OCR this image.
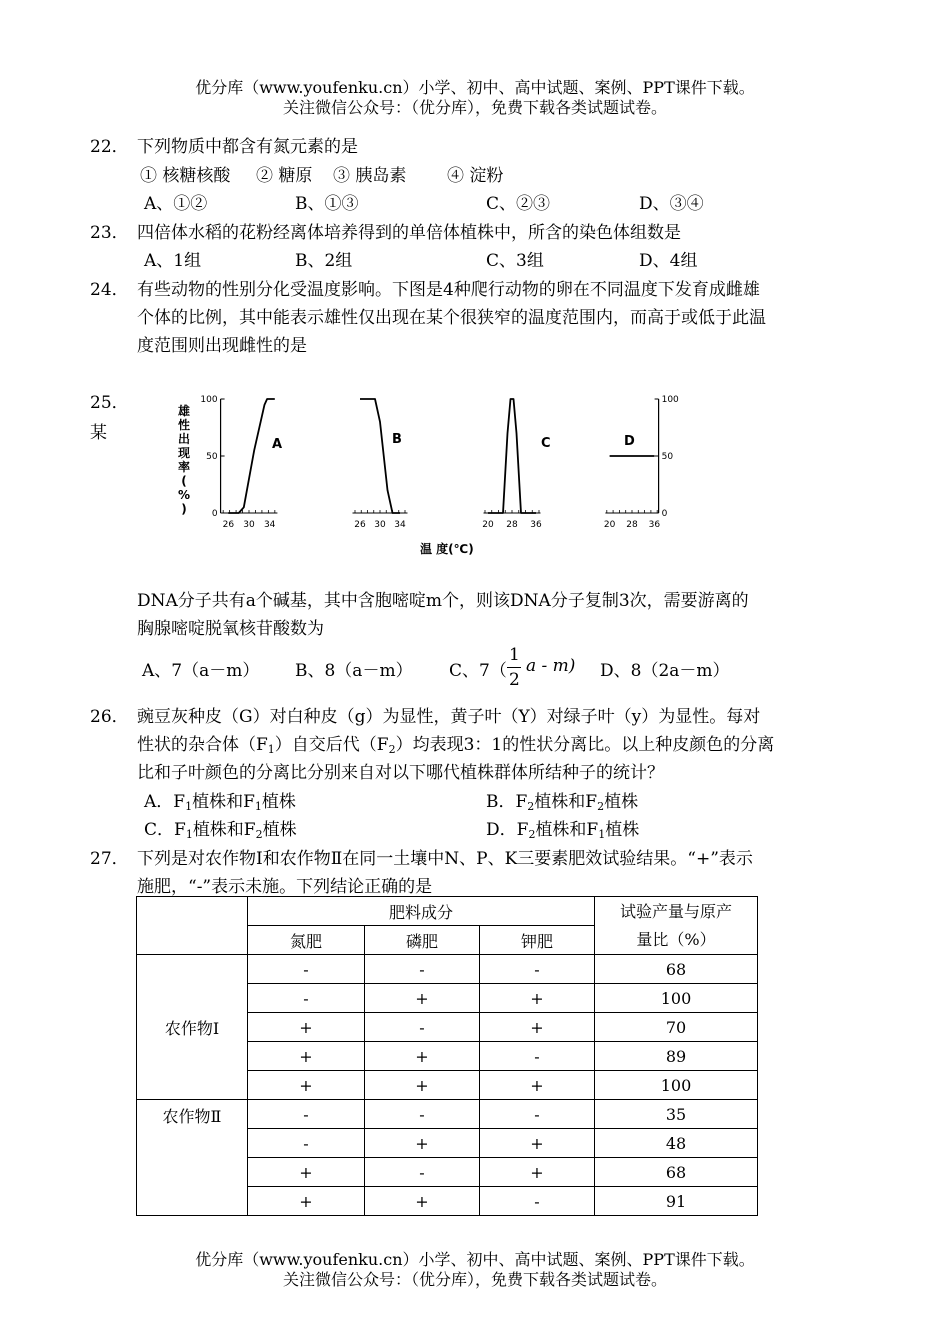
优分库（www.youfenku.cn）小学、初中、高中试题、案例、PPT课件下载。
关注微信公众号：（优分库），免费下载各类试题试卷。
22． 下列物质中都含有氮元素的是
① 核糖核酸 ② 糖原 ③ 胰岛素 ④ 淀粉
A、①②	B、①③	C、②③	D、③④
23． 四倍体水稻的花粉经离体培养得到的单倍体植株中，所含的染色体组数是
A、1组	B、2组	C、3组	D、4组
24． 有些动物的性别分化受温度影响。下图是4种爬行动物的卵在不同温度下发育成雌雄
个体的比例，其中能表示雄性仅出现在某个很狭窄的温度范围内，而高于或低于此温
度范围则出现雌性的是
25．
某
雄
性
出
现
率
(
%
)
100
50
0
26 30 34
A
26 30 34
B
20 28 36
C
100
50
0
20 28 36
D
温 度(℃)
DNA分子共有a个碱基，其中含胞嘧啶m个，则该DNA分子复制3次，需要游离的
胸腺嘧啶脱氧核苷酸数为
A、7（a－m） B、8（a－m） C、7（
1
2
a - m) D、8（2a－m）
26． 豌豆灰种皮（G）对白种皮（g）为显性，黄子叶（Y）对绿子叶（y）为显性。每对
性状的杂合体$(F_1)$自交后代$(F_2)$均表现3：1的性状分离比。以上种皮颜色的分离
比和子叶颜色的分离比分别来自对以下哪代植株群体所结种子的统计？
A．$F_1$植株和$F_1$植株	B．$F_2$植株和$F_2$植株
C．$F_1$植株和$F_2$植株	D．$F_2$植株和$F_1$植株
27． 下列是对农作物Ⅰ和农作物Ⅱ在同一土壤中N、P、K三要素肥效试验结果。“+”表示
施肥，“-”表示未施。下列结论正确的是
	肥料成分			试验产量与原产
量比（%）
	氮肥	磷肥	钾肥	
农作物Ⅰ	-	-	-	68
	-	+	+	100
	+	-	+	70
	+	+	-	89
	+	+	+	100
农作物Ⅱ	-	-	-	35
	-	+	+	48
	+	-	+	68
	+	+	-	91
优分库（www.youfenku.cn）小学、初中、高中试题、案例、PPT课件下载。
关注微信公众号：（优分库），免费下载各类试题试卷。
